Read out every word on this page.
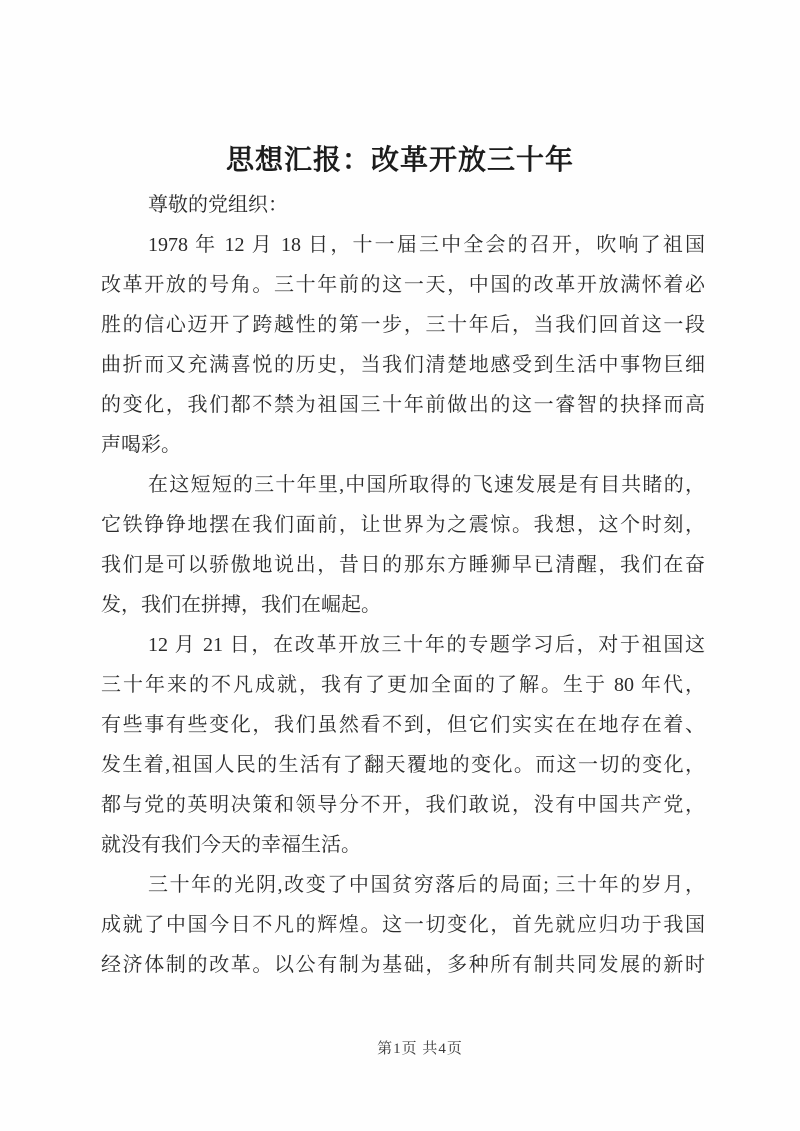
思想汇报：改革开放三十年
尊敬的党组织：
1978 年 12 月 18 日，十一届三中全会的召开，吹响了祖国
改革开放的号角。三十年前的这一天，中国的改革开放满怀着必
胜的信心迈开了跨越性的第一步，三十年后，当我们回首这一段
曲折而又充满喜悦的历史，当我们清楚地感受到生活中事物巨细
的变化，我们都不禁为祖国三十年前做出的这一睿智的抉择而高
声喝彩。
在这短短的三十年里,中国所取得的飞速发展是有目共睹的，
它铁铮铮地摆在我们面前，让世界为之震惊。我想，这个时刻，
我们是可以骄傲地说出，昔日的那东方睡狮早已清醒，我们在奋
发，我们在拼搏，我们在崛起。
12 月 21 日，在改革开放三十年的专题学习后，对于祖国这
三十年来的不凡成就，我有了更加全面的了解。生于 80 年代，
有些事有些变化，我们虽然看不到，但它们实实在在地存在着、
发生着,祖国人民的生活有了翻天覆地的变化。而这一切的变化，
都与党的英明决策和领导分不开，我们敢说，没有中国共产党，
就没有我们今天的幸福生活。
三十年的光阴,改变了中国贫穷落后的局面; 三十年的岁月，
成就了中国今日不凡的辉煌。这一切变化，首先就应归功于我国
经济体制的改革。以公有制为基础，多种所有制共同发展的新时
第1页 共4页
